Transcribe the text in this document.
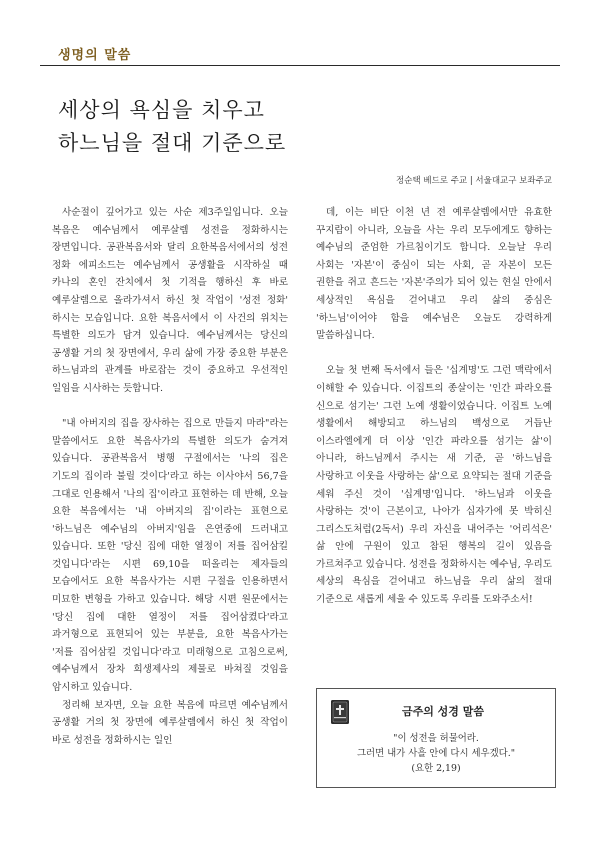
생명의 말씀
세상의 욕심을 치우고
하느님을 절대 기준으로
정순택 베드로 주교 | 서울대교구 보좌주교

사순절이 깊어가고 있는 사순 제3주일입니다. 오늘 복음은 예수님께서 예루살렘 성전을 정화하시는 장면입니다. 공관복음서와 달리 요한복음서에서의 성전 정화 에피소드는 예수님께서 공생활을 시작하실 때 카나의 혼인 잔치에서 첫 기적을 행하신 후 바로 예루살렘으로 올라가셔서 하신 첫 작업이 '성전 정화' 하시는 모습입니다. 요한 복음서에서 이 사건의 위치는 특별한 의도가 담겨 있습니다. 예수님께서는 당신의 공생활 거의 첫 장면에서, 우리 삶에 가장 중요한 부분은 하느님과의 관계를 바로잡는 것이 중요하고 우선적인 일임을 시사하는 듯합니다.

"내 아버지의 집을 장사하는 집으로 만들지 마라"라는 말씀에서도 요한 복음사가의 특별한 의도가 숨겨져 있습니다. 공관복음서 병행 구절에서는 '나의 집은 기도의 집이라 불릴 것이다'라고 하는 이사야서 56,7을 그대로 인용해서 '나의 집'이라고 표현하는 데 반해, 오늘 요한 복음에서는 '내 아버지의 집'이라는 표현으로 '하느님은 예수님의 아버지'임을 은연중에 드러내고 있습니다. 또한 '당신 집에 대한 열정이 저를 집어삼킬 것입니다'라는 시편 69,10을 떠올리는 제자들의 모습에서도 요한 복음사가는 시편 구절을 인용하면서 미묘한 변형을 가하고 있습니다. 해당 시편 원문에서는 '당신 집에 대한 열정이 저를 집어삼켰다'라고 과거형으로 표현되어 있는 부분을, 요한 복음사가는 '저를 집어삼킬 것입니다'라고 미래형으로 고침으로써, 예수님께서 장차 희생제사의 제물로 바쳐질 것임을 암시하고 있습니다.

정리해 보자면, 오늘 요한 복음에 따르면 예수님께서 공생활 거의 첫 장면에 예루살렘에서 하신 첫 작업이 바로 성전을 정화하시는 일인

데, 이는 비단 이천 년 전 예루살렘에서만 유효한 꾸지람이 아니라, 오늘을 사는 우리 모두에게도 향하는 예수님의 준엄한 가르침이기도 합니다. 오늘날 우리 사회는 '자본'이 중심이 되는 사회, 곧 자본이 모든 권한을 쥐고 흔드는 '자본'주의가 되어 있는 현실 안에서 세상적인 욕심을 걷어내고 우리 삶의 중심은 '하느님'이어야 함을 예수님은 오늘도 강력하게 말씀하십니다.

오늘 첫 번째 독서에서 들은 '십계명'도 그런 맥락에서 이해할 수 있습니다. 이집트의 종살이는 '인간 파라오를 신으로 섬기는' 그런 노예 생활이었습니다. 이집트 노예 생활에서 해방되고 하느님의 백성으로 거듭난 이스라엘에게 더 이상 '인간 파라오를 섬기는 삶'이 아니라, 하느님께서 주시는 새 기준, 곧 '하느님을 사랑하고 이웃을 사랑하는 삶'으로 요약되는 절대 기준을 세워 주신 것이 '십계명'입니다. '하느님과 이웃을 사랑하는 것'이 근본이고, 나아가 십자가에 못 박히신 그리스도처럼(2독서) 우리 자신을 내어주는 '어리석은' 삶 안에 구원이 있고 참된 행복의 길이 있음을 가르쳐주고 있습니다. 성전을 정화하시는 예수님, 우리도 세상의 욕심을 걷어내고 하느님을 우리 삶의 절대 기준으로 새롭게 세울 수 있도록 우리를 도와주소서!

금주의 성경 말씀
"이 성전을 허물어라.
그러면 내가 사흘 안에 다시 세우겠다."
(요한 2,19)
